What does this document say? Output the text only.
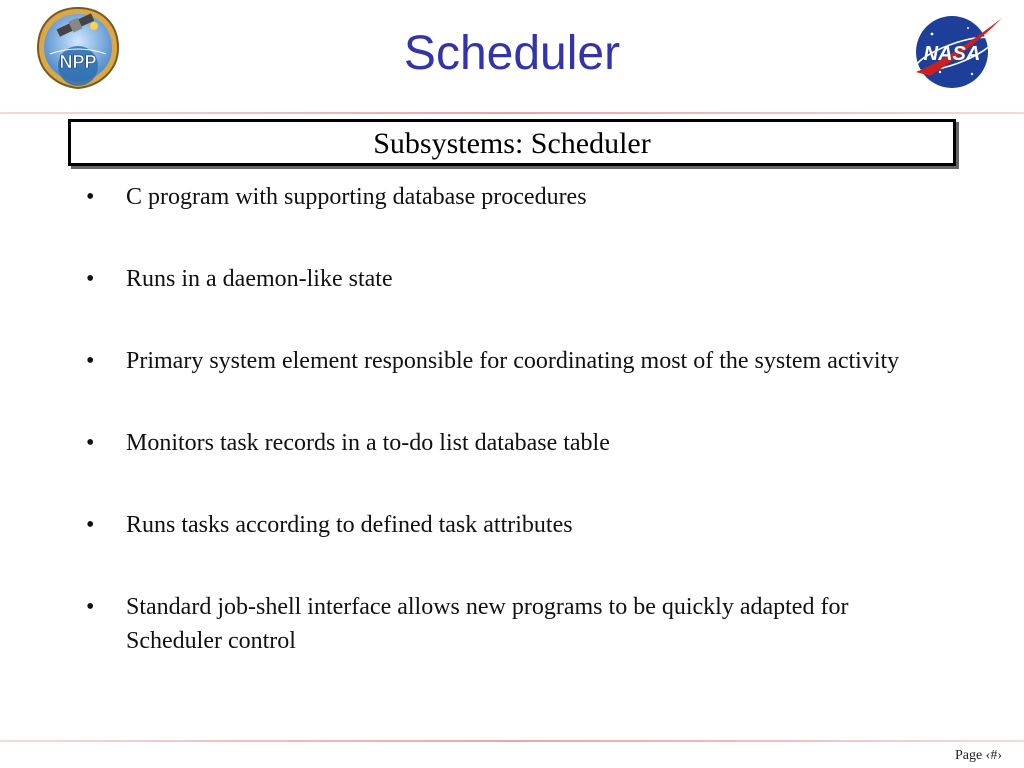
NPP	Scheduler	NASA
Subsystems: Scheduler
•	C program with supporting database procedures
•	Runs in a daemon-like state
•	Primary system element responsible for coordinating most of the system activity
•	Monitors task records in a to-do list database table
•	Runs tasks according to defined task attributes
•	Standard job-shell interface allows new programs to be quickly adapted for Scheduler control
Page ‹#›
